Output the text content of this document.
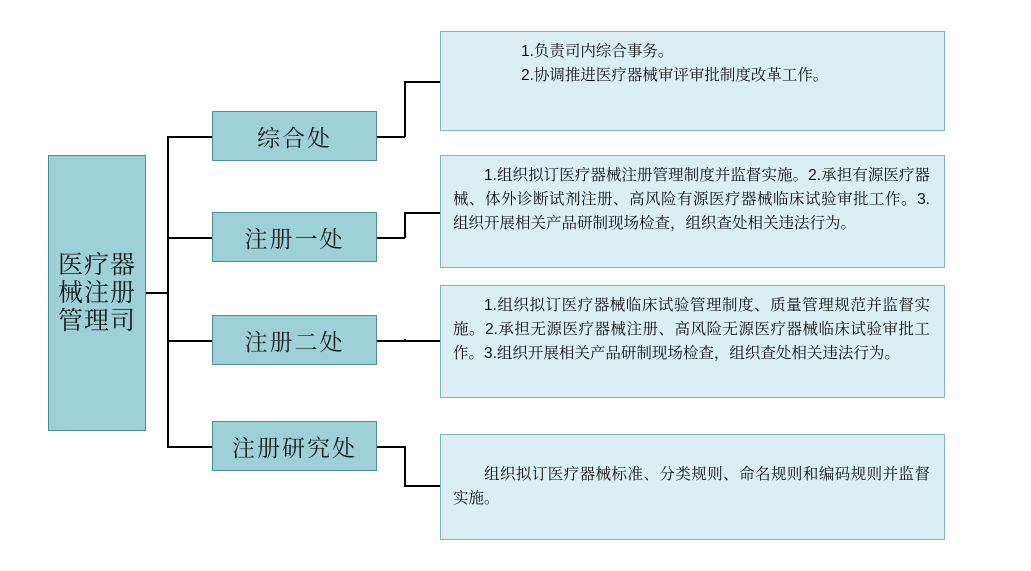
医疗器械注册管理司
综合处
注册一处
注册二处
注册研究处

1.负责司内综合事务。

2.协调推进医疗器械审评审批制度改革工作。

1.组织拟订医疗器械注册管理制度并监督实施。2.承担有源医疗器械、体外诊断试剂注册、高风险有源医疗器械临床试验审批工作。3.组织开展相关产品研制现场检查，组织查处相关违法行为。

1.组织拟订医疗器械临床试验管理制度、质量管理规范并监督实施。2.承担无源医疗器械注册、高风险无源医疗器械临床试验审批工作。3.组织开展相关产品研制现场检查，组织查处相关违法行为。

组织拟订医疗器械标准、分类规则、命名规则和编码规则并监督实施。
